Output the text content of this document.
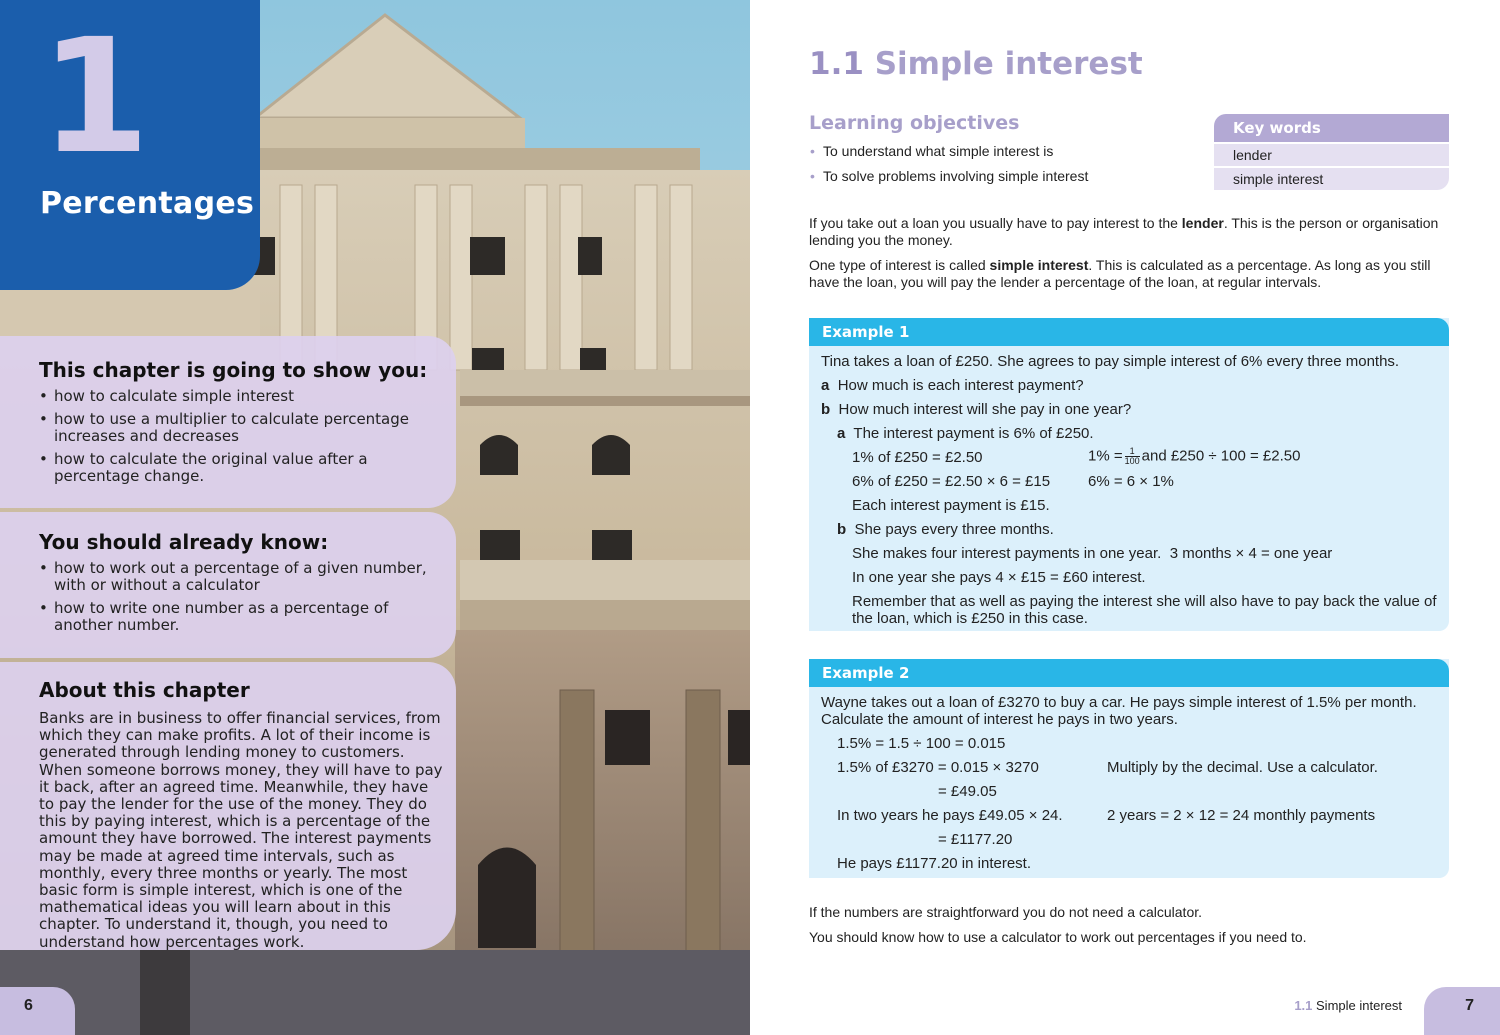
1
Percentages
This chapter is going to show you:
• how to calculate simple interest
• how to use a multiplier to calculate percentage increases and decreases
• how to calculate the original value after a percentage change.
You should already know:
• how to work out a percentage of a given number, with or without a calculator
• how to write one number as a percentage of another number.
About this chapter

Banks are in business to offer financial services, from which they can make profits. A lot of their income is generated through lending money to customers. When someone borrows money, they will have to pay it back, after an agreed time. Meanwhile, they have to pay the lender for the use of the money. They do this by paying interest, which is a percentage of the amount they have borrowed. The interest payments may be made at agreed time intervals, such as monthly, every three months or yearly. The most basic form is simple interest, which is one of the mathematical ideas you will learn about in this chapter. To understand it, though, you need to understand how percentages work.

6
1.1 Simple interest
Learning objectives
• To understand what simple interest is
• To solve problems involving simple interest
Key words
lender
simple interest

If you take out a loan you usually have to pay interest to the lender. This is the person or organisation lending you the money.

One type of interest is called simple interest. This is calculated as a percentage. As long as you still have the loan, you will pay the lender a percentage of the loan, at regular intervals.

Example 1
Tina takes a loan of £250. She agrees to pay simple interest of 6% every three months.
a How much is each interest payment?
b How much interest will she pay in one year?
a The interest payment is 6% of £250.
1% of £250 = £2.50	$1\% = \frac{1}{100}$ and £250 ÷ 100 = £2.50
6% of £250 = £2.50 × 6 = £15	6% = 6 × 1%
Each interest payment is £15.
b She pays every three months.
She makes four interest payments in one year. 3 months × 4 = one year
In one year she pays 4 × £15 = £60 interest.
Remember that as well as paying the interest she will also have to pay back the value of the loan, which is £250 in this case.
Example 2
Wayne takes out a loan of £3270 to buy a car. He pays simple interest of 1.5% per month. Calculate the amount of interest he pays in two years.
1.5% = 1.5 ÷ 100 = 0.015
1.5% of £3270 = 0.015 × 3270	Multiply by the decimal. Use a calculator.
= £49.05
In two years he pays £49.05 × 24.	2 years = 2 × 12 = 24 monthly payments
= £1177.20
He pays £1177.20 in interest.

If the numbers are straightforward you do not need a calculator.

You should know how to use a calculator to work out percentages if you need to.

1.1 Simple interest	7
